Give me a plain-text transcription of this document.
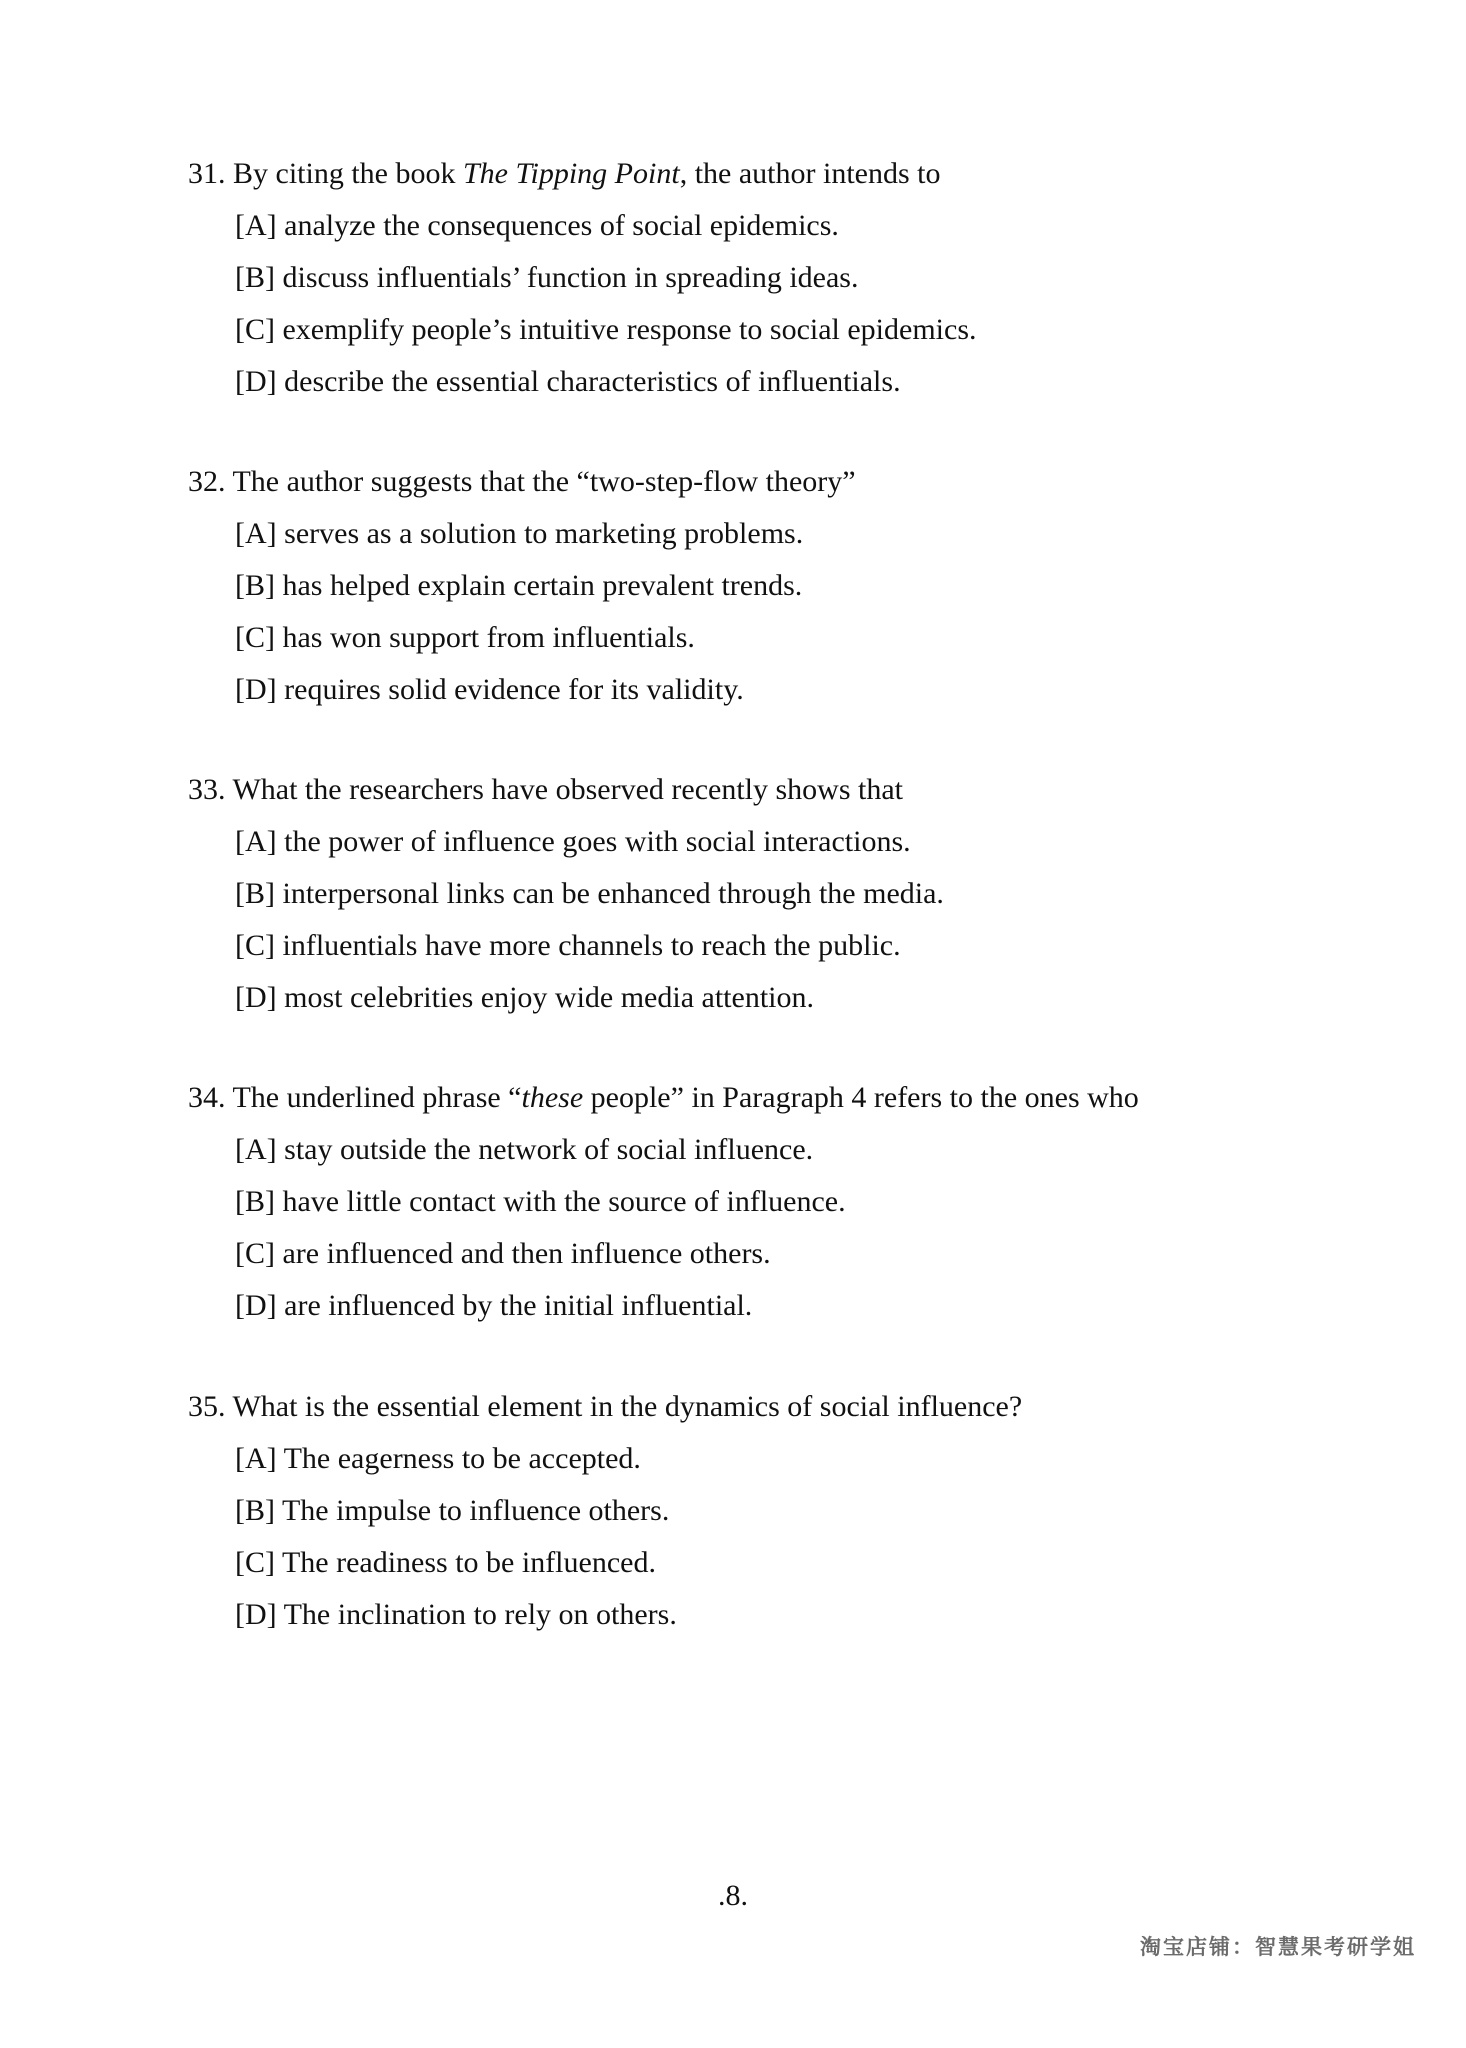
31. By citing the book The Tipping Point, the author intends to
[A] analyze the consequences of social epidemics.
[B] discuss influentials’ function in spreading ideas.
[C] exemplify people’s intuitive response to social epidemics.
[D] describe the essential characteristics of influentials.
32. The author suggests that the “two-step-flow theory”
[A] serves as a solution to marketing problems.
[B] has helped explain certain prevalent trends.
[C] has won support from influentials.
[D] requires solid evidence for its validity.
33. What the researchers have observed recently shows that
[A] the power of influence goes with social interactions.
[B] interpersonal links can be enhanced through the media.
[C] influentials have more channels to reach the public.
[D] most celebrities enjoy wide media attention.
34. The underlined phrase “these people” in Paragraph 4 refers to the ones who
[A] stay outside the network of social influence.
[B] have little contact with the source of influence.
[C] are influenced and then influence others.
[D] are influenced by the initial influential.
35. What is the essential element in the dynamics of social influence?
[A] The eagerness to be accepted.
[B] The impulse to influence others.
[C] The readiness to be influenced.
[D] The inclination to rely on others.
.8.
淘宝店铺：智慧果考研学姐
